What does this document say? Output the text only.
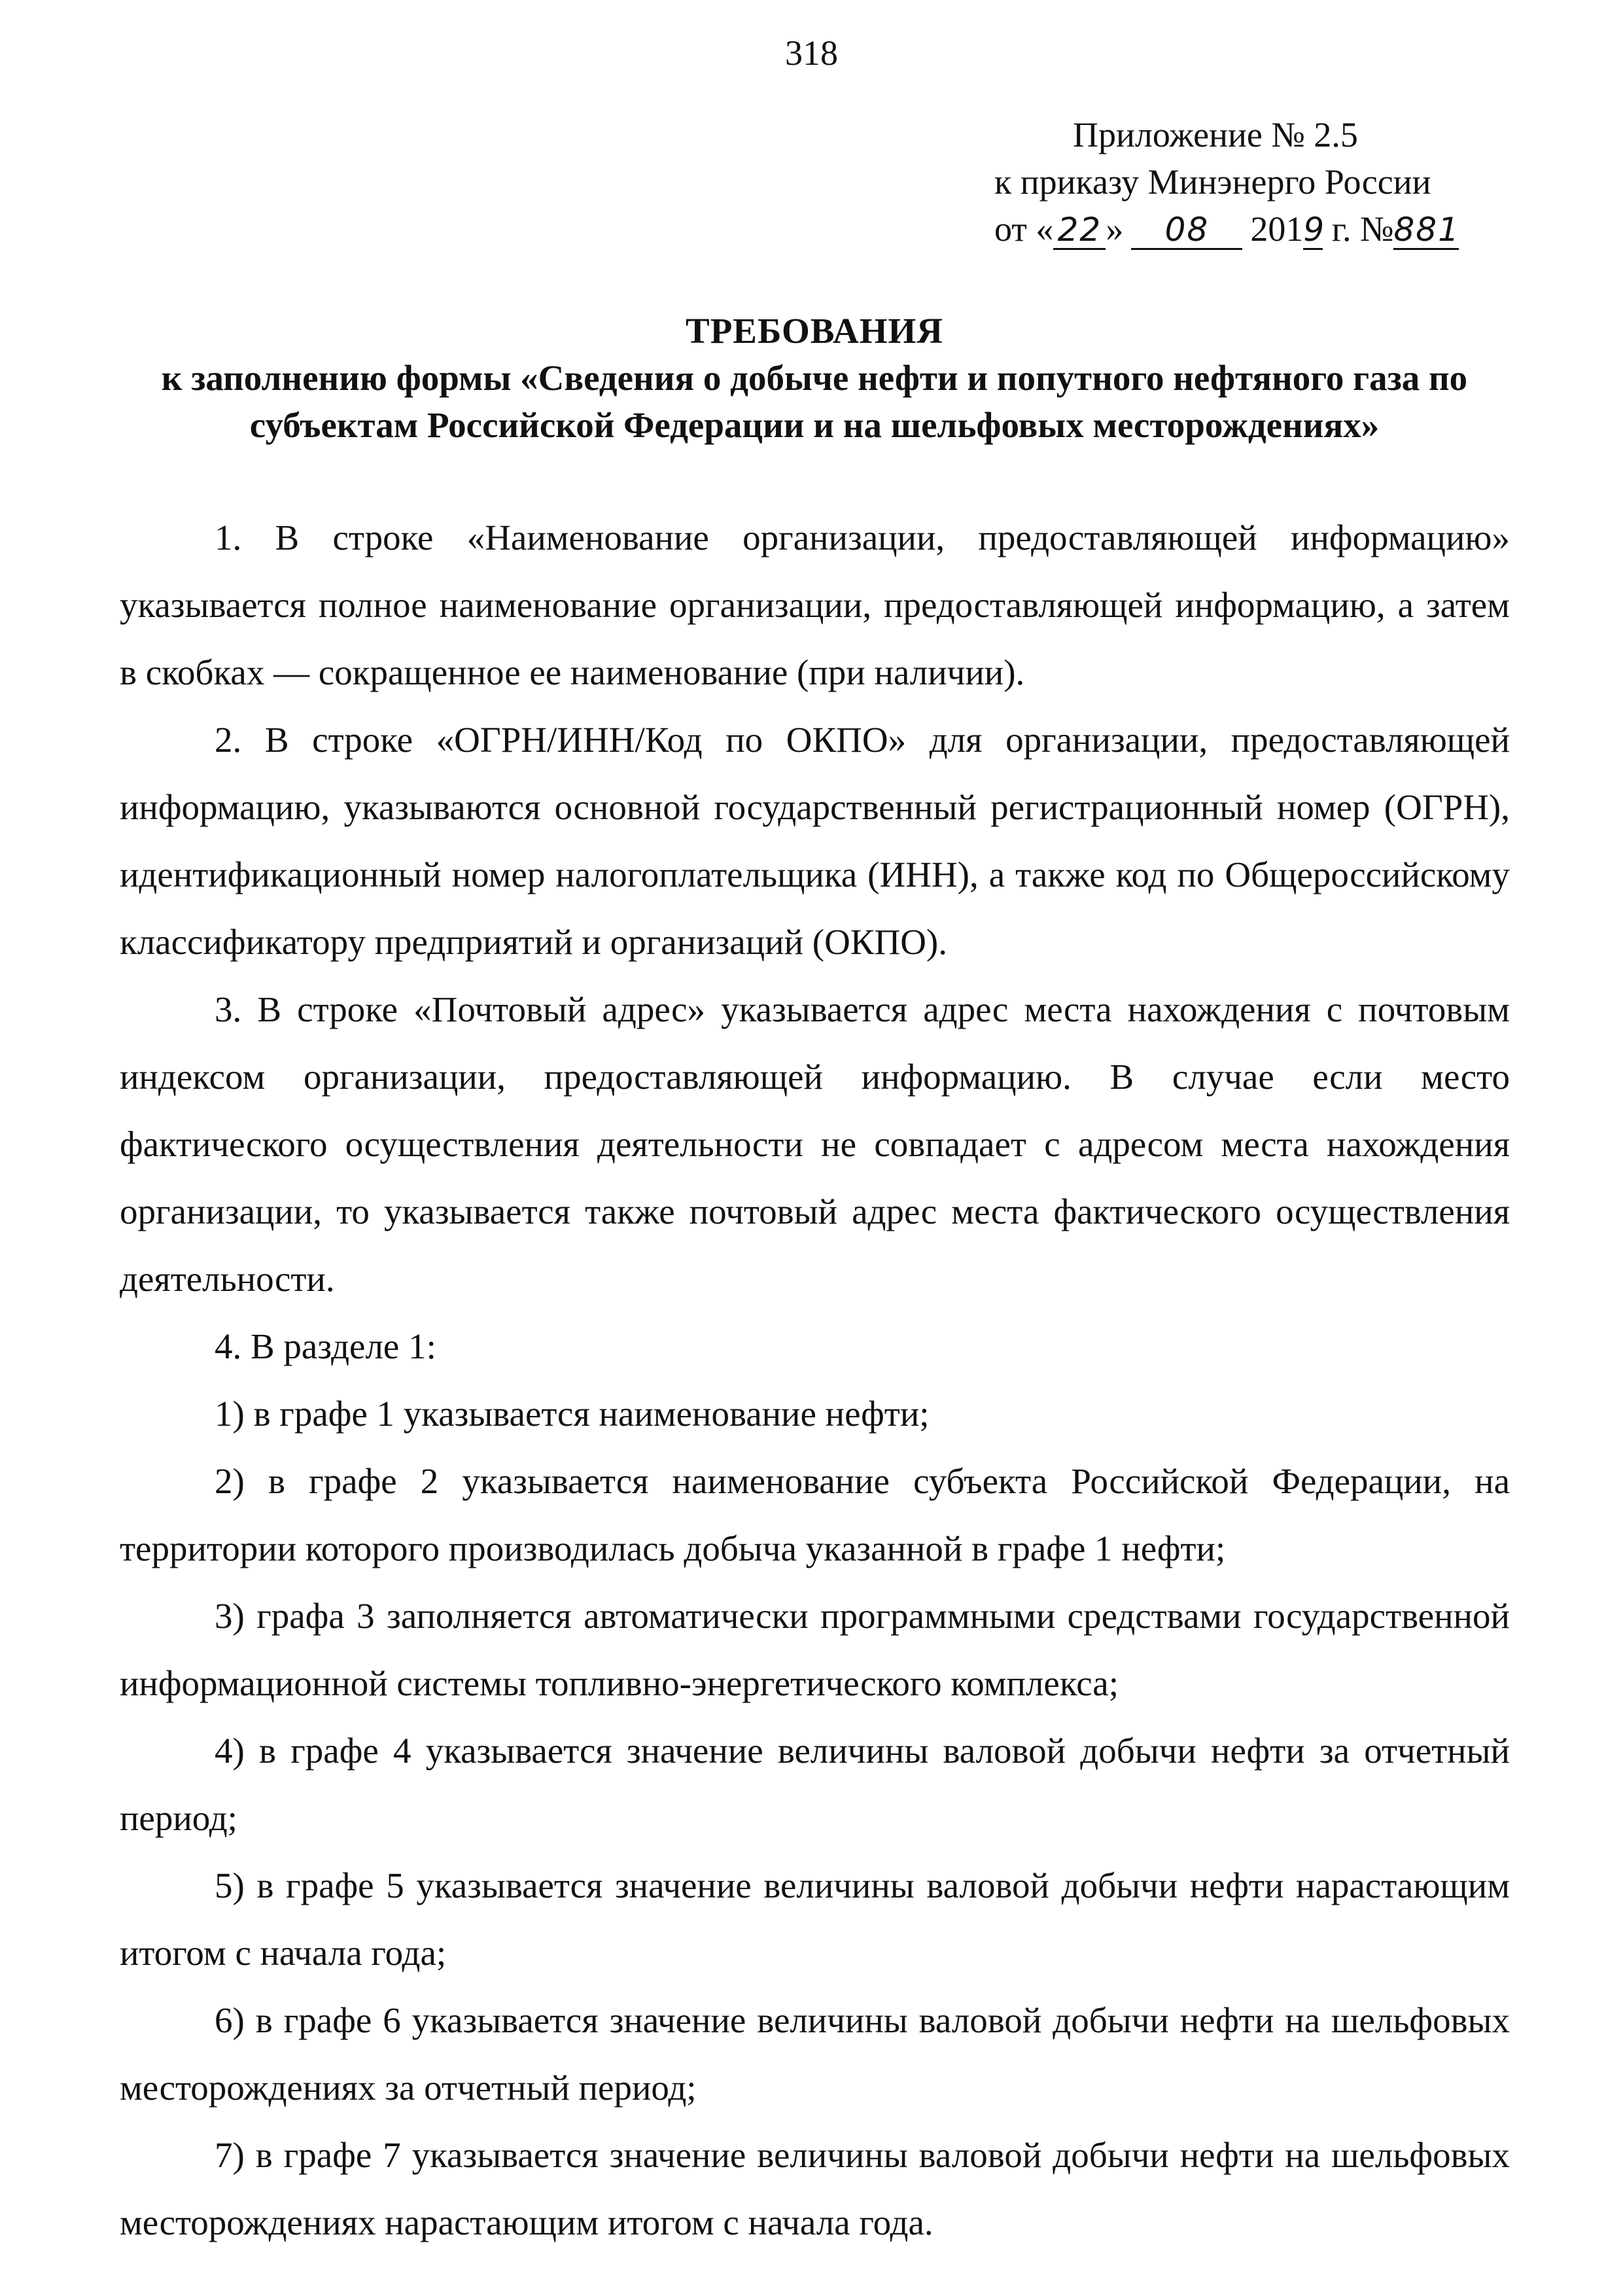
318
Приложение № 2.5
к приказу Минэнерго России
от « 22 » 08 2019 г. №881
ТРЕБОВАНИЯ
к заполнению формы «Сведения о добыче нефти и попутного нефтяного газа по
субъектам Российской Федерации и на шельфовых месторождениях»

1. В строке «Наименование организации, предоставляющей информацию» указывается полное наименование организации, предоставляющей информацию, а затем в скобках — сокращенное ее наименование (при наличии).

2. В строке «ОГРН/ИНН/Код по ОКПО» для организации, предоставляющей информацию, указываются основной государственный регистрационный номер (ОГРН), идентификационный номер налогоплательщика (ИНН), а также код по Общероссийскому классификатору предприятий и организаций (ОКПО).

3. В строке «Почтовый адрес» указывается адрес места нахождения с почтовым индексом организации, предоставляющей информацию. В случае если место фактического осуществления деятельности не совпадает с адресом места нахождения организации, то указывается также почтовый адрес места фактического осуществления деятельности.

4. В разделе 1:

1) в графе 1 указывается наименование нефти;

2) в графе 2 указывается наименование субъекта Российской Федерации, на территории которого производилась добыча указанной в графе 1 нефти;

3) графа 3 заполняется автоматически программными средствами государственной информационной системы топливно-энергетического комплекса;

4) в графе 4 указывается значение величины валовой добычи нефти за отчетный период;

5) в графе 5 указывается значение величины валовой добычи нефти нарастающим итогом с начала года;

6) в графе 6 указывается значение величины валовой добычи нефти на шельфовых месторождениях за отчетный период;

7) в графе 7 указывается значение величины валовой добычи нефти на шельфовых месторождениях нарастающим итогом с начала года.
